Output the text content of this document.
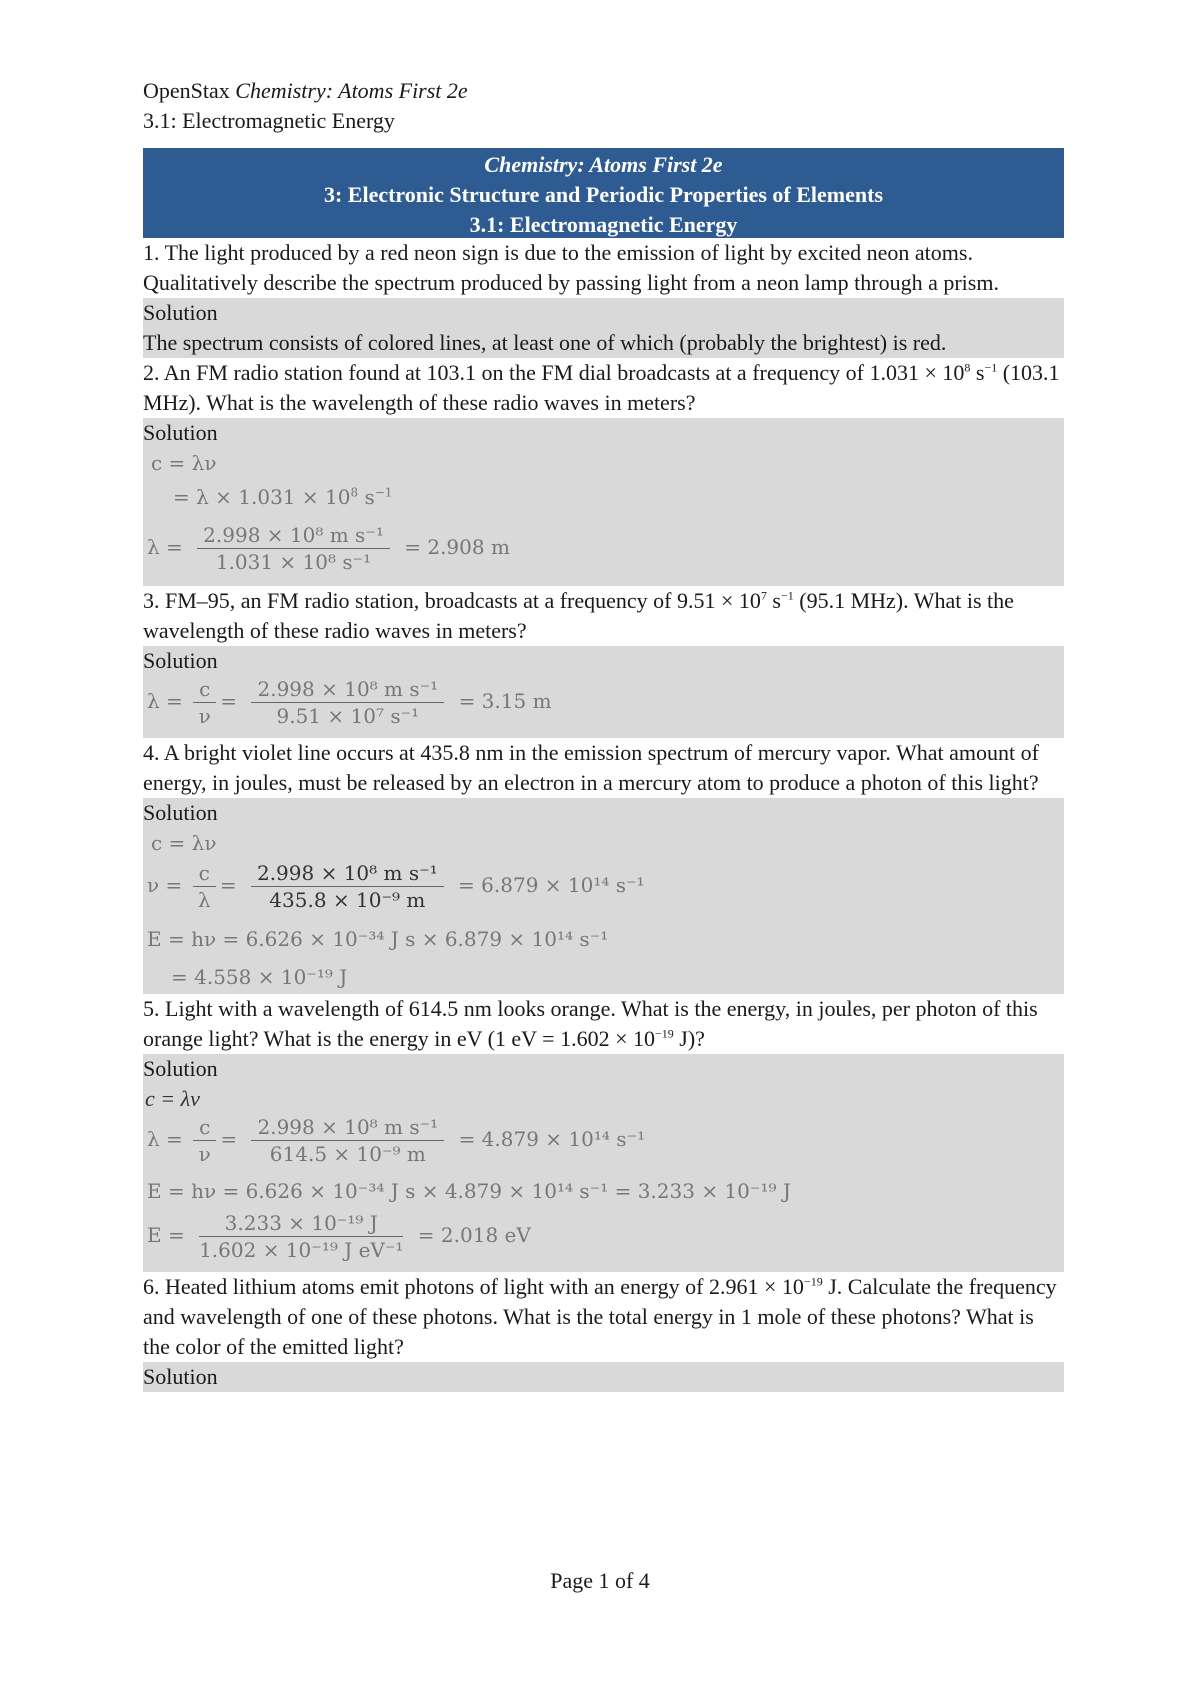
OpenStax Chemistry: Atoms First 2e
3.1: Electromagnetic Energy
Chemistry: Atoms First 2e
3: Electronic Structure and Periodic Properties of Elements
3.1: Electromagnetic Energy
1. The light produced by a red neon sign is due to the emission of light by excited neon atoms. Qualitatively describe the spectrum produced by passing light from a neon lamp through a prism.
Solution
The spectrum consists of colored lines, at least one of which (probably the brightest) is red.
2. An FM radio station found at 103.1 on the FM dial broadcasts at a frequency of $1.031 \times 10^8$ $s^{-1}$ (103.1 MHz). What is the wavelength of these radio waves in meters?
Solution
c = λν
= $\lambda \times 1.031 \times 10^8$ $s^{-1}$
$\lambda = \frac{\text{2.998 × 10⁸ m s⁻¹}}{\text{1.031 × 10⁸ s⁻¹}} = 2.908$ m
3. FM–95, an FM radio station, broadcasts at a frequency of $9.51 \times 10^7$ $s^{-1}$ (95.1 MHz). What is the wavelength of these radio waves in meters?
Solution
$\lambda = \frac{c}{\nu} = \frac{\text{2.998 × 10⁸ m s⁻¹}}{\text{9.51 × 10⁷ s⁻¹}} = 3.15$ m
4. A bright violet line occurs at 435.8 nm in the emission spectrum of mercury vapor. What amount of energy, in joules, must be released by an electron in a mercury atom to produce a photon of this light?
Solution
c = λν
$\nu = \frac{c}{\lambda} = \frac{\text{2.998 × 10⁸ m s⁻¹}}{\text{435.8 × 10⁻⁹ m}} = 6.879 \times 10^{14}$ s⁻¹
E = hν = 6.626 × 10⁻³⁴ J s × 6.879 × 10¹⁴ s⁻¹
= 4.558 × 10⁻¹⁹ J
5. Light with a wavelength of 614.5 nm looks orange. What is the energy, in joules, per photon of this orange light? What is the energy in eV (1 eV = $1.602 \times 10^{-19}$ J)?
Solution
c = λv
$\lambda = \frac{c}{\nu} = \frac{\text{2.998 × 10⁸ m s⁻¹}}{\text{614.5 × 10⁻⁹ m}} = 4.879 \times 10^{14}$ s⁻¹
E = hν = 6.626 × 10⁻³⁴ J s × 4.879 × 10¹⁴ s⁻¹ = 3.233 × 10⁻¹⁹ J
$E = \frac{\text{3.233 × 10⁻¹⁹ J}}{\text{1.602 × 10⁻¹⁹ J eV⁻¹}} = 2.018$ eV
6. Heated lithium atoms emit photons of light with an energy of $2.961 \times 10^{-19}$ J. Calculate the frequency and wavelength of one of these photons. What is the total energy in 1 mole of these photons? What is the color of the emitted light?
Solution
Page 1 of 4
